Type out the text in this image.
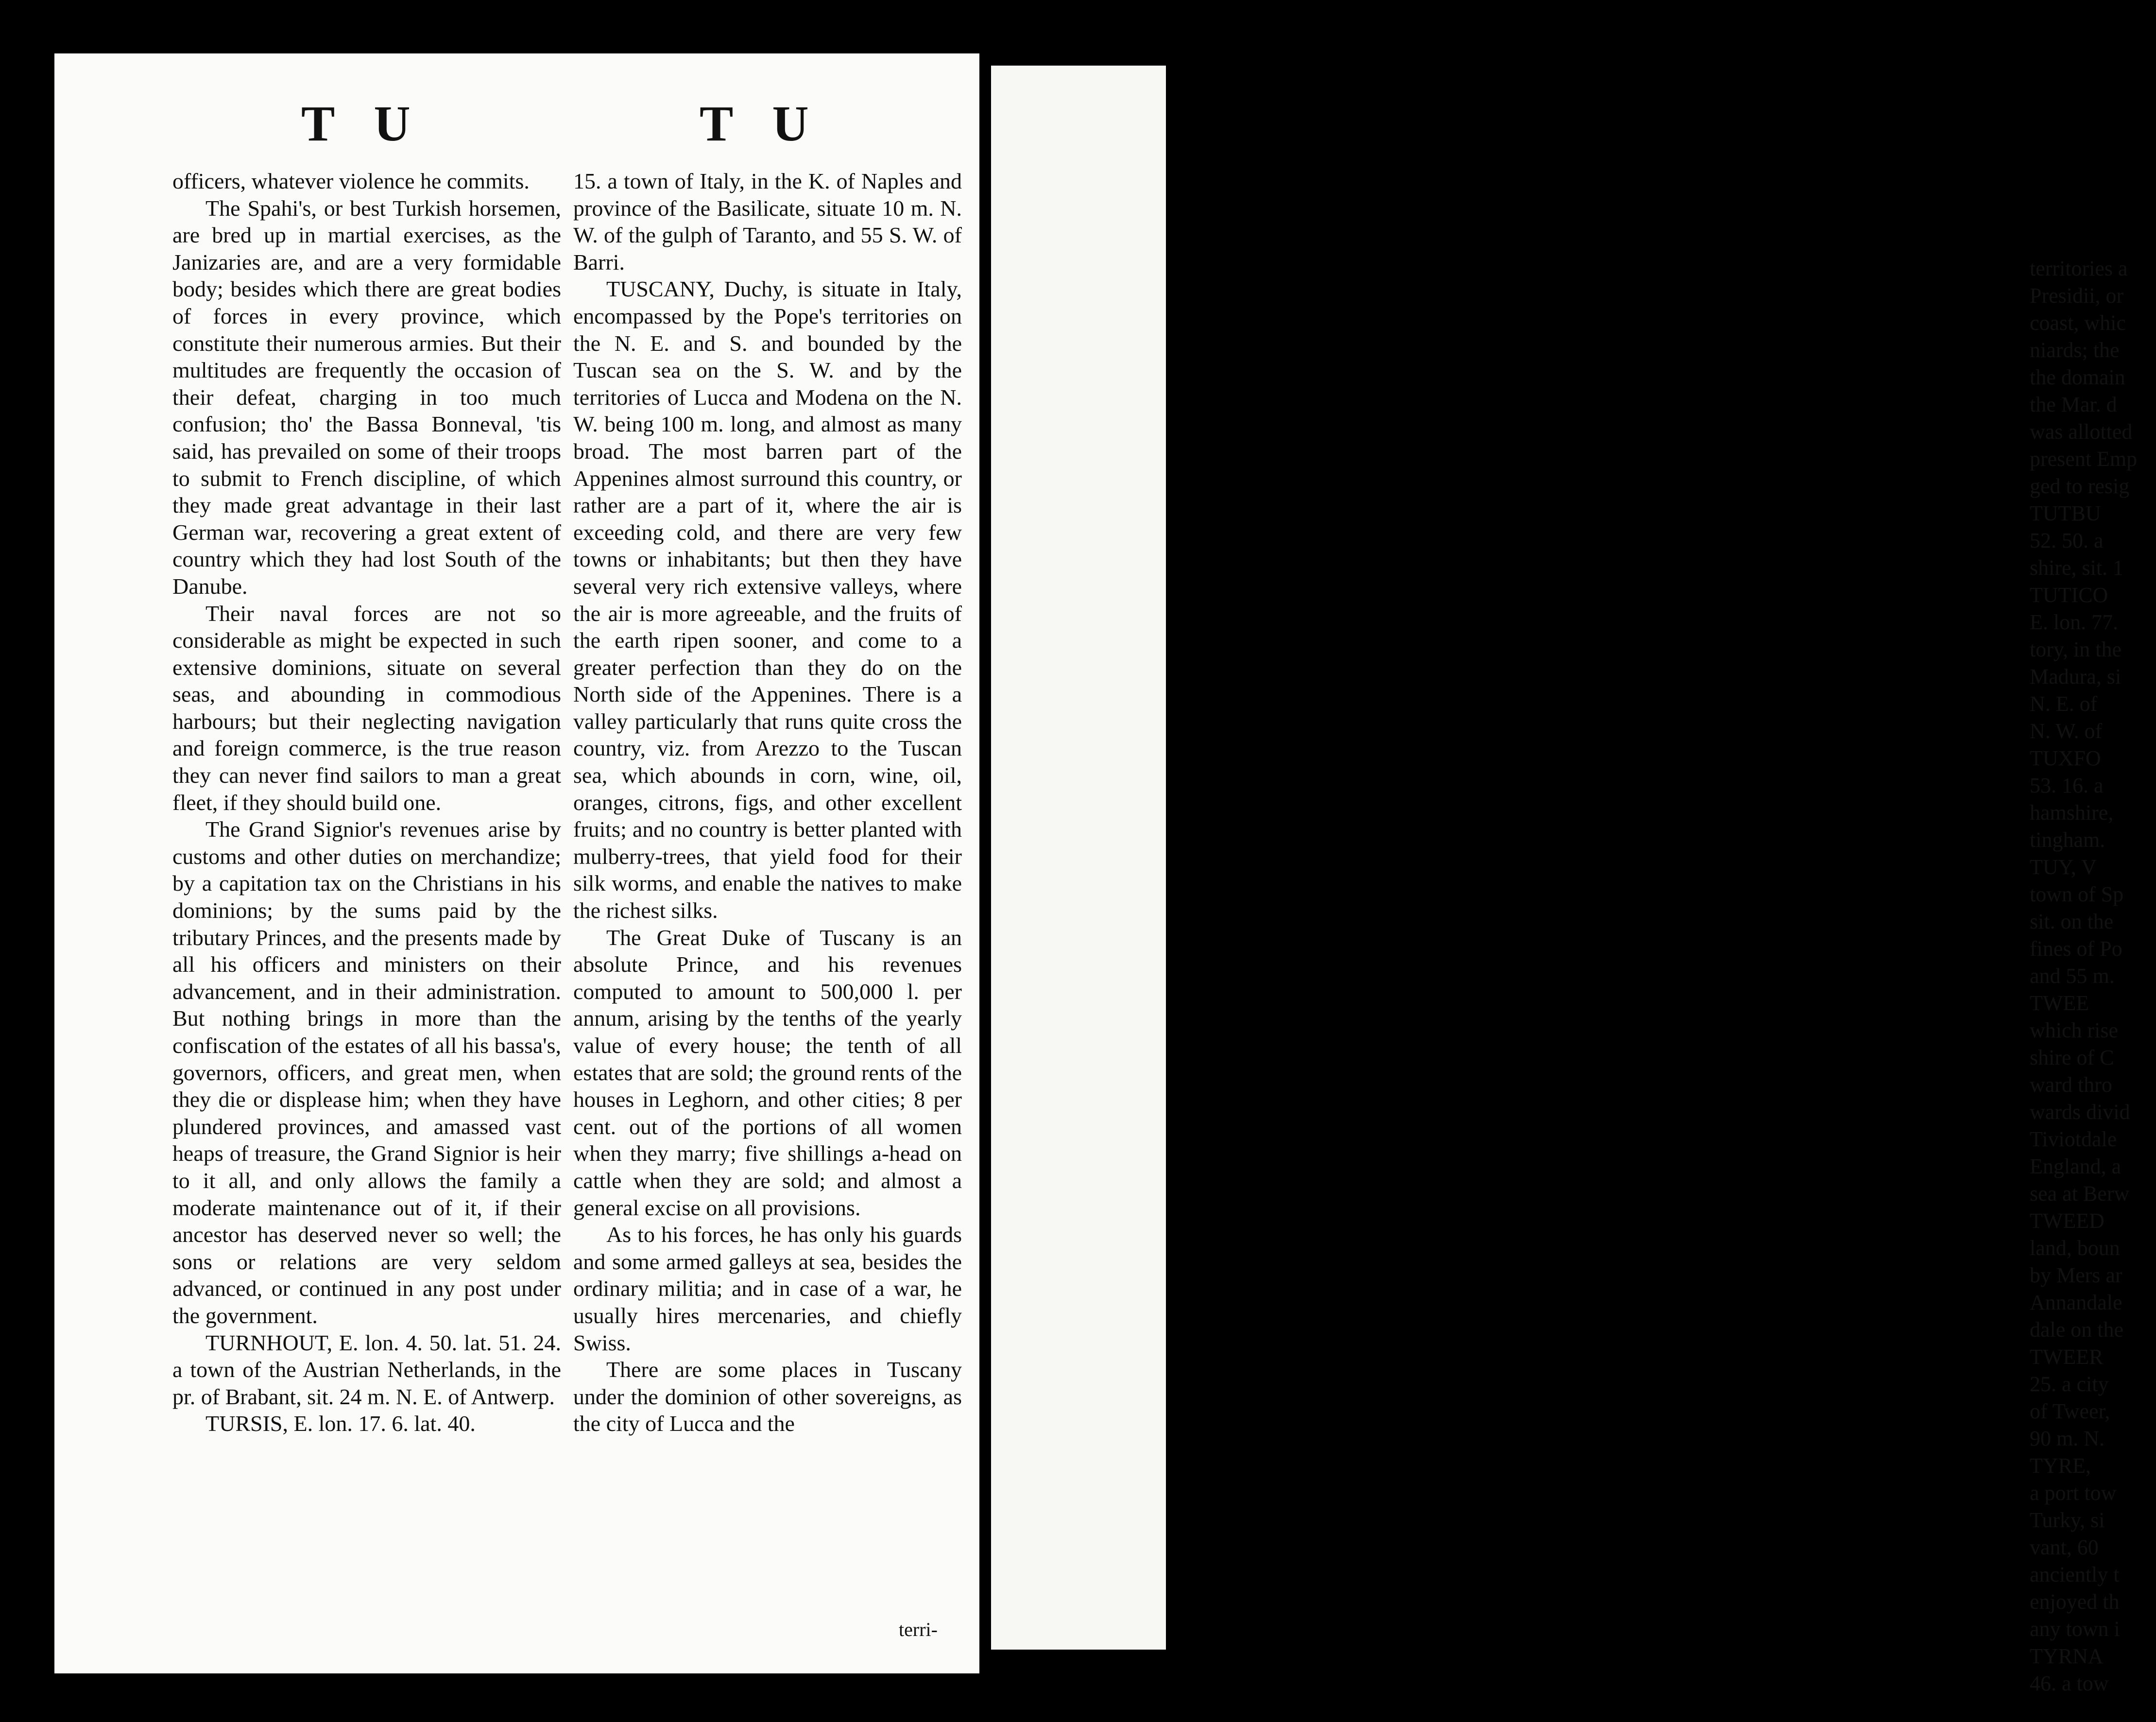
territories a
Presidii, or
coast, whic
niards; the
the domain
the Mar. d
was allotted
present Emp
ged to resig
TUTBU
52. 50. a
shire, sit. 1
TUTICO
E. lon. 77.
tory, in the
Madura, si
N. E. of
N. W. of
TUXFO
53. 16. a
hamshire,
tingham.
TUY, V
town of Sp
sit. on the
fines of Po
and 55 m.
TWEE
which rise
shire of C
ward thro
wards divid
Tiviotdale
England, a
sea at Berw
TWEED
land, boun
by Mers ar
Annandale
dale on the
TWEER
25. a city
of Tweer,
90 m. N.
TYRE,
a port tow
Turky, si
vant, 60
anciently t
enjoyed th
any town i
TYRNA
46. a tow
T U	T U

officers, whatever violence he commits.

The Spahi's, or best Turkish horsemen, are bred up in martial exercises, as the Janizaries are, and are a very formidable body; besides which there are great bodies of forces in every province, which constitute their numerous armies. But their multitudes are frequently the occasion of their defeat, charging in too much confusion; tho' the Bassa Bonneval, 'tis said, has prevailed on some of their troops to submit to French discipline, of which they made great advantage in their last German war, recovering a great extent of country which they had lost South of the Danube.

Their naval forces are not so considerable as might be expected in such extensive dominions, situate on several seas, and abounding in commodious harbours; but their neglecting navigation and foreign commerce, is the true reason they can never find sailors to man a great fleet, if they should build one.

The Grand Signior's revenues arise by customs and other duties on merchandize; by a capitation tax on the Christians in his dominions; by the sums paid by the tributary Princes, and the presents made by all his officers and ministers on their advancement, and in their administration. But nothing brings in more than the confiscation of the estates of all his bassa's, governors, officers, and great men, when they die or displease him; when they have plundered provinces, and amassed vast heaps of treasure, the Grand Signior is heir to it all, and only allows the family a moderate maintenance out of it, if their ancestor has deserved never so well; the sons or relations are very seldom advanced, or continued in any post under the government.

TURNHOUT, E. lon. 4. 50. lat. 51. 24. a town of the Austrian Netherlands, in the pr. of Brabant, sit. 24 m. N. E. of Antwerp.

TURSIS, E. lon. 17. 6. lat. 40.

15. a town of Italy, in the K. of Naples and province of the Basilicate, situate 10 m. N. W. of the gulph of Taranto, and 55 S. W. of Barri.

TUSCANY, Duchy, is situate in Italy, encompassed by the Pope's territories on the N. E. and S. and bounded by the Tuscan sea on the S. W. and by the territories of Lucca and Modena on the N. W. being 100 m. long, and almost as many broad. The most barren part of the Appenines almost surround this country, or rather are a part of it, where the air is exceeding cold, and there are very few towns or inhabitants; but then they have several very rich extensive valleys, where the air is more agreeable, and the fruits of the earth ripen sooner, and come to a greater perfection than they do on the North side of the Appenines. There is a valley particularly that runs quite cross the country, viz. from Arezzo to the Tuscan sea, which abounds in corn, wine, oil, oranges, citrons, figs, and other excellent fruits; and no country is better planted with mulberry-trees, that yield food for their silk worms, and enable the natives to make the richest silks.

The Great Duke of Tuscany is an absolute Prince, and his revenues computed to amount to 500,000 l. per annum, arising by the tenths of the yearly value of every house; the tenth of all estates that are sold; the ground rents of the houses in Leghorn, and other cities; 8 per cent. out of the portions of all women when they marry; five shillings a-head on cattle when they are sold; and almost a general excise on all provisions.

As to his forces, he has only his guards and some armed galleys at sea, besides the ordinary militia; and in case of a war, he usually hires mercenaries, and chiefly Swiss.

There are some places in Tuscany under the dominion of other sovereigns, as the city of Lucca and the

terri-
